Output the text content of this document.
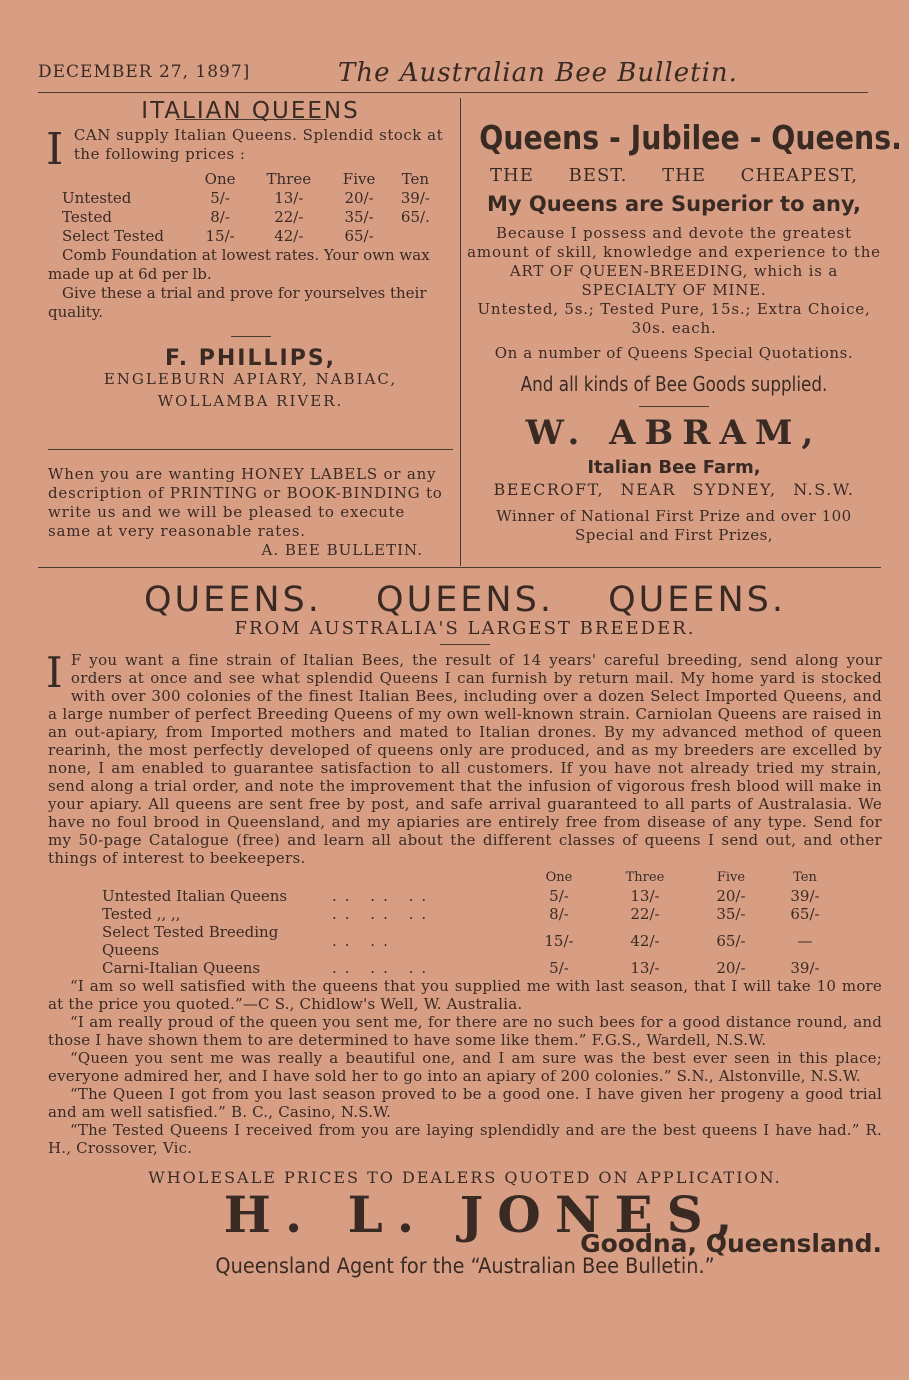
DECEMBER 27, 1897]	The Australian Bee Bulletin.
ITALIAN QUEENS
I CAN supply Italian Queens. Splendid stock at the following prices :
	One	Three	Five	Ten
Untested	5/-	13/-	20/-	39/-
Tested	8/-	22/-	35/-	65/.
Select Tested	15/-	42/-	65/-	

Comb Foundation at lowest rates. Your own wax made up at 6d per lb.

Give these a trial and prove for yourselves their quality.

F. PHILLIPS,
ENGLEBURN APIARY, NABIAC,
WOLLAMBA RIVER.
When you are wanting HONEY LABELS or any description of PRINTING or BOOK-BINDING to write us and we will be pleased to execute same at very reasonable rates.
A. BEE BULLETIN.
Queens - Jubilee - Queens.
THE BEST. THE CHEAPEST,
My Queens are Superior to any,
Because I possess and devote the greatest amount of skill, knowledge and experience to the ART OF QUEEN-BREEDING, which is a SPECIALTY OF MINE.
Untested, 5s.; Tested Pure, 15s.; Extra Choice, 30s. each.
On a number of Queens Special Quotations.
And all kinds of Bee Goods supplied.
W. ABRAM,
Italian Bee Farm,
BEECROFT, NEAR SYDNEY, N.S.W.
Winner of National First Prize and over 100 Special and First Prizes,
QUEENS. QUEENS. QUEENS.
FROM AUSTRALIA'S LARGEST BREEDER.
I F you want a fine strain of Italian Bees, the result of 14 years' careful breeding, send along your orders at once and see what splendid Queens I can furnish by return mail. My home yard is stocked with over 300 colonies of the finest Italian Bees, including over a dozen Select Imported Queens, and a large number of perfect Breeding Queens of my own well-known strain. Carniolan Queens are raised in an out-apiary, from Imported mothers and mated to Italian drones. By my advanced method of queen rearinh, the most perfectly developed of queens only are produced, and as my breeders are excelled by none, I am enabled to guarantee satisfaction to all customers. If you have not already tried my strain, send along a trial order, and note the improvement that the infusion of vigorous fresh blood will make in your apiary. All queens are sent free by post, and safe arrival guaranteed to all parts of Australasia. We have no foul brood in Queensland, and my apiaries are entirely free from disease of any type. Send for my 50-page Catalogue (free) and learn all about the different classes of queens I send out, and other things of interest to beekeepers.
		One	Three	Five	Ten
Untested Italian Queens	.. .. ..	5/-	13/-	20/-	39/-
Tested ,, ,,	.. .. ..	8/-	22/-	35/-	65/-
Select Tested Breeding Queens	.. ..	15/-	42/-	65/-	—
Carni-Italian Queens	.. .. ..	5/-	13/-	20/-	39/-

“I am so well satisfied with the queens that you supplied me with last season, that I will take 10 more at the price you quoted.”—C S., Chidlow's Well, W. Australia.

“I am really proud of the queen you sent me, for there are no such bees for a good distance round, and those I have shown them to are determined to have some like them.” F.G.S., Wardell, N.S.W.

“Queen you sent me was really a beautiful one, and I am sure was the best ever seen in this place; everyone admired her, and I have sold her to go into an apiary of 200 colonies.” S.N., Alstonville, N.S.W.

“The Queen I got from you last season proved to be a good one. I have given her progeny a good trial and am well satisfied.” B. C., Casino, N.S.W.

“The Tested Queens I received from you are laying splendidly and are the best queens I have had.” R. H., Crossover, Vic.

WHOLESALE PRICES TO DEALERS QUOTED ON APPLICATION.
H. L. JONES,
Goodna, Queensland.
Queensland Agent for the “Australian Bee Bulletin.”
